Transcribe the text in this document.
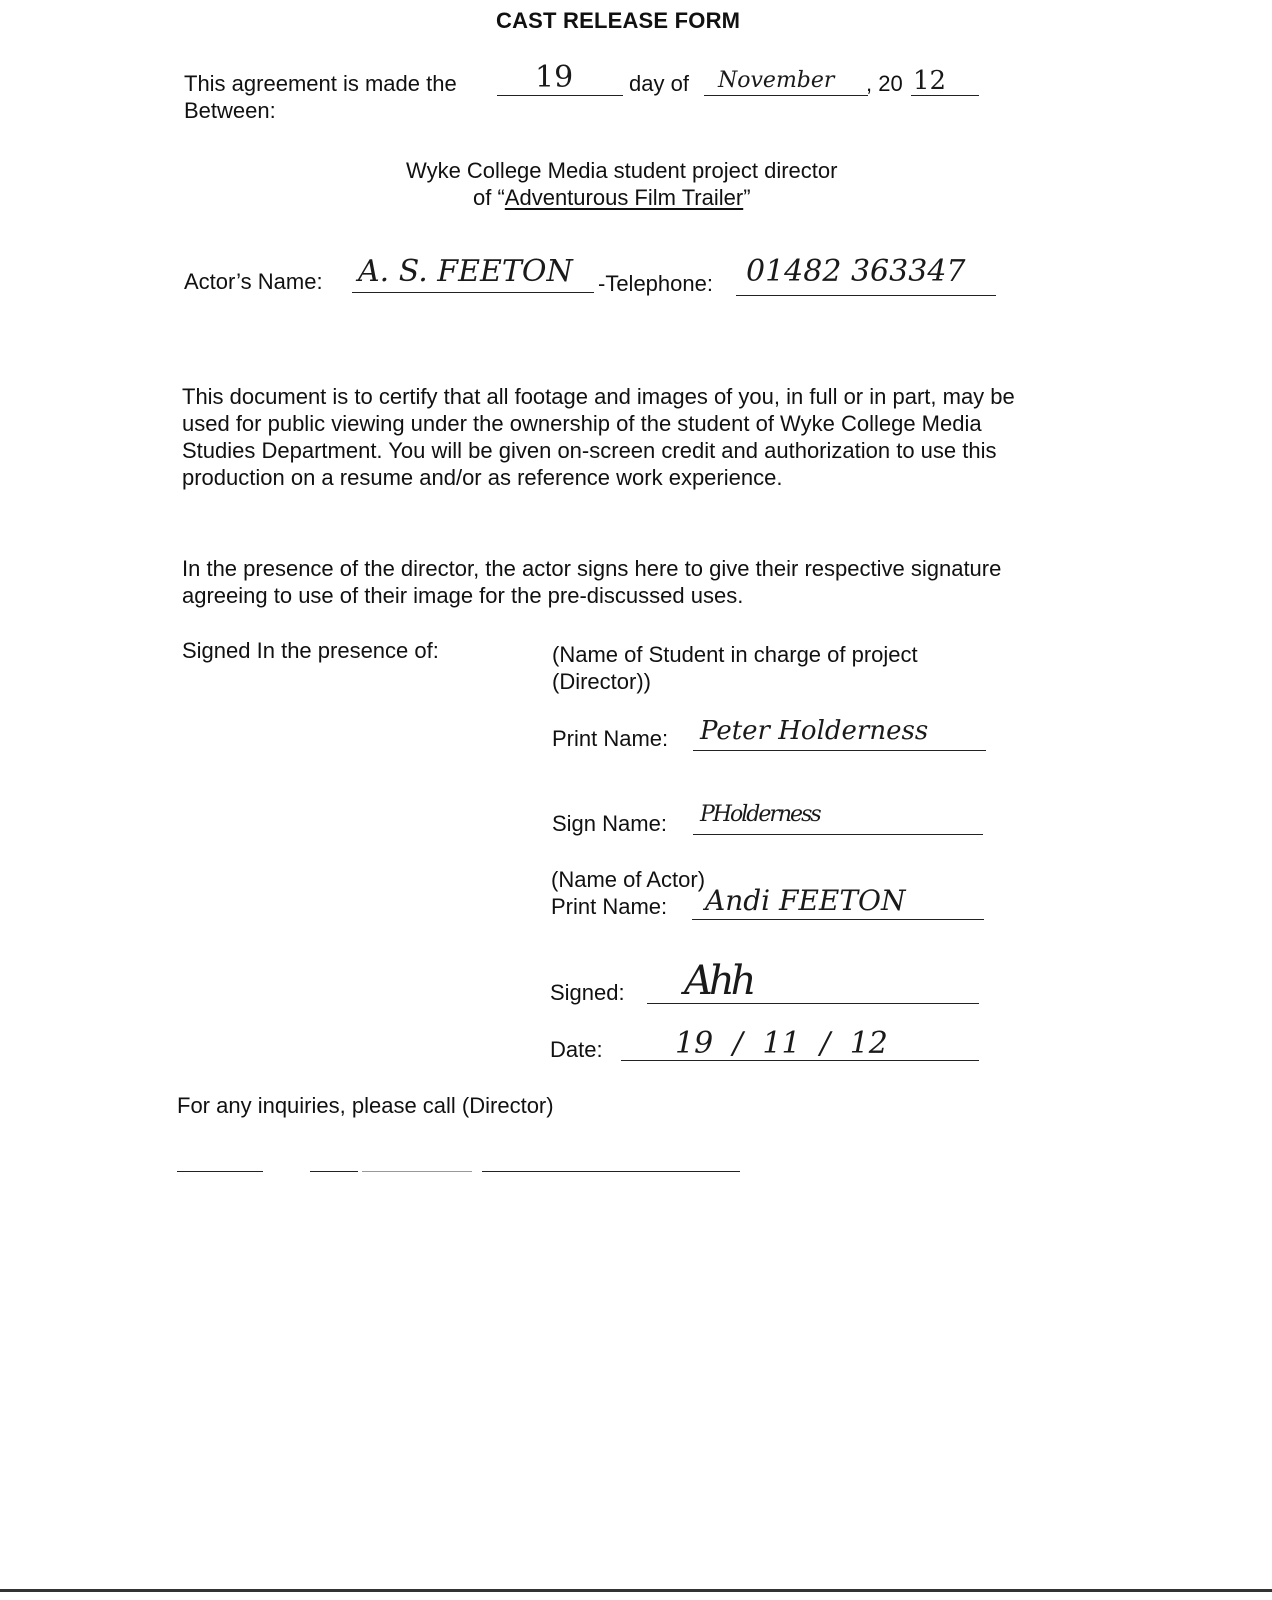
CAST RELEASE FORM
This agreement is made the	19	day of November , 20 12
Between:
Wyke College Media student project director
of “Adventurous Film Trailer”
Actor’s Name: A. S. FEETON -Telephone: 01482 363347
This document is to certify that all footage and images of you, in full or in part, may be used for public viewing under the ownership of the student of Wyke College Media Studies Department. You will be given on-screen credit and authorization to use this production on a resume and/or as reference work experience.
In the presence of the director, the actor signs here to give their respective signature agreeing to use of their image for the pre-discussed uses.
Signed In the presence of:	(Name of Student in charge of project
(Director))
Print Name: Peter Holderness
Sign Name: PHolderness
(Name of Actor)
Print Name: Andi FEETON
Signed: Ahh
Date: 19 / 11 / 12
For any inquiries, please call (Director)
